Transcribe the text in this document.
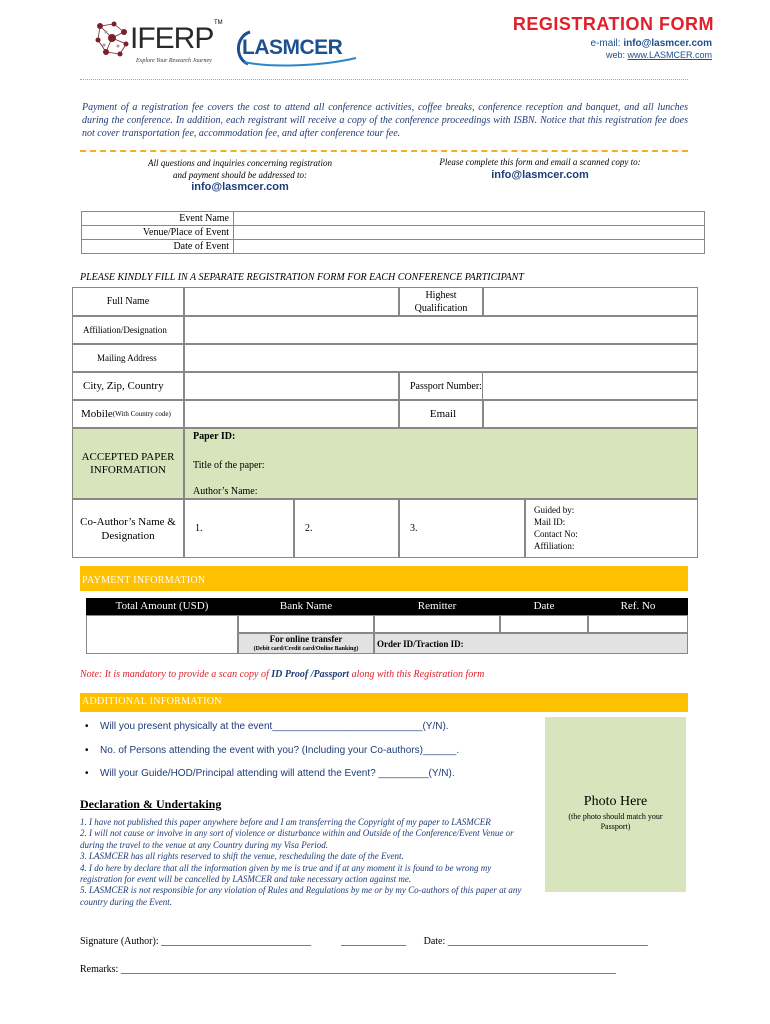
IFERP TM
Explore Your Research Journey
LASMCER
REGISTRATION FORM
e-mail: info@lasmcer.com
web: www.LASMCER.com
Payment of a registration fee covers the cost to attend all conference activities, coffee breaks, conference reception and banquet, and all lunches during the conference. In addition, each registrant will receive a copy of the conference proceedings with ISBN. Notice that this registration fee does not cover transportation fee, accommodation fee, and after conference tour fee.
All questions and inquiries concerning registration
and payment should be addressed to:
info@lasmcer.com
Please complete this form and email a scanned copy to:
info@lasmcer.com
Event Name	
Venue/Place of Event	
Date of Event	
PLEASE KINDLY FILL IN A SEPARATE REGISTRATION FORM FOR EACH CONFERENCE PARTICIPANT
Full Name
Highest
Qualification
Affiliation/Designation
Mailing Address
City, Zip, Country	Passport Number:
Mobile (With Country code)	Email
ACCEPTED PAPER
INFORMATION
Paper ID:
Title of the paper:
Author’s Name:
Co-Author’s Name &
Designation
1.	2.	3.
Guided by:
Mail ID:
Contact No:
Affiliation:
PAYMENT INFORMATION
Total Amount (USD)	Bank Name	Remitter	Date	Ref. No
For online transfer
(Debit card/Credit card/Online Banking)
Order ID/Traction ID:
Note: It is mandatory to provide a scan copy of ID Proof /Passport along with this Registration form
ADDITIONAL INFORMATION
• Will you present physically at the event___________________________(Y/N).
• No. of Persons attending the event with you? (Including your Co-authors)______.
• Will your Guide/HOD/Principal attending will attend the Event? _________(Y/N).
Photo Here
(the photo should match your Passport)
Declaration & Undertaking
1. I have not published this paper anywhere before and I am transferring the Copyright of my paper to LASMCER
2. I will not cause or involve in any sort of violence or disturbance within and Outside of the Conference/Event Venue or during the travel to the venue at any Country during my Visa Period.
3. LASMCER has all rights reserved to shift the venue, rescheduling the date of the Event.
4. I do here by declare that all the information given by me is true and if at any moment it is found to be wrong my registration for event will be cancelled by LASMCER and take necessary action against me.
5. LASMCER is not responsible for any violation of Rules and Regulations by me or by my Co-authors of this paper at any country during the Event.
Signature (Author): ______________________________            _____________       Date: ________________________________________
Remarks: ___________________________________________________________________________________________________
